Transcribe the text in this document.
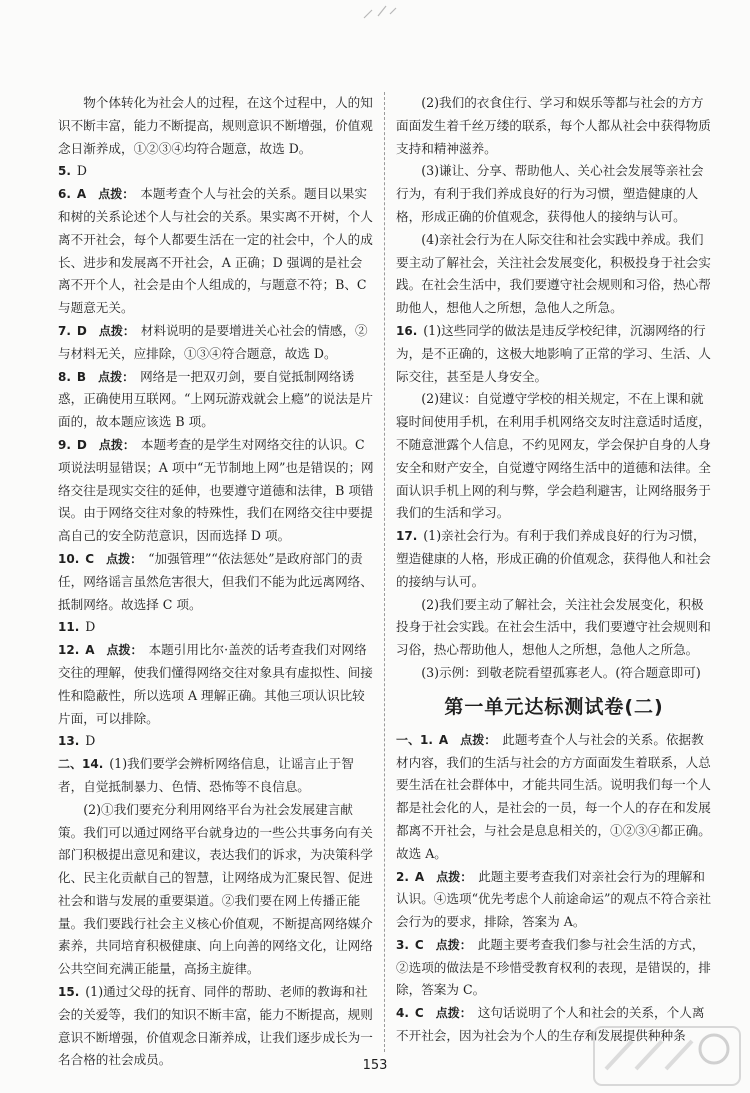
物个体转化为社会人的过程，在这个过程中，人的知识不断丰富，能力不断提高，规则意识不断增强，价值观念日渐养成，①②③④均符合题意，故选 D。

5. D

6. A　点拨： 本题考查个人与社会的关系。题目以果实和树的关系论述个人与社会的关系。果实离不开树，个人离不开社会，每个人都要生活在一定的社会中，个人的成长、进步和发展离不开社会，A 正确；D 强调的是社会离不开个人，社会是由个人组成的，与题意不符；B、C 与题意无关。

7. D　点拨： 材料说明的是要增进关心社会的情感，②与材料无关，应排除，①③④符合题意，故选 D。

8. B　点拨： 网络是一把双刃剑，要自觉抵制网络诱惑，正确使用互联网。“上网玩游戏就会上瘾”的说法是片面的，故本题应该选 B 项。

9. D　点拨： 本题考查的是学生对网络交往的认识。C 项说法明显错误；A 项中“无节制地上网”也是错误的；网络交往是现实交往的延伸，也要遵守道德和法律，B 项错误。由于网络交往对象的特殊性，我们在网络交往中要提高自己的安全防范意识，因而选择 D 项。

10. C　点拨： “加强管理”“依法惩处”是政府部门的责任，网络谣言虽然危害很大，但我们不能为此远离网络、抵制网络。故选择 C 项。

11. D

12. A　点拨： 本题引用比尔·盖茨的话考查我们对网络交往的理解，使我们懂得网络交往对象具有虚拟性、间接性和隐蔽性，所以选项 A 理解正确。其他三项认识比较片面，可以排除。

13. D

二、14. (1)我们要学会辨析网络信息，让谣言止于智者，自觉抵制暴力、色情、恐怖等不良信息。

(2)①我们要充分利用网络平台为社会发展建言献策。我们可以通过网络平台就身边的一些公共事务向有关部门积极提出意见和建议，表达我们的诉求，为决策科学化、民主化贡献自己的智慧，让网络成为汇聚民智、促进社会和谐与发展的重要渠道。②我们要在网上传播正能量。我们要践行社会主义核心价值观，不断提高网络媒介素养，共同培育积极健康、向上向善的网络文化，让网络公共空间充满正能量，高扬主旋律。

15. (1)通过父母的抚育、同伴的帮助、老师的教诲和社会的关爱等，我们的知识不断丰富，能力不断提高，规则意识不断增强，价值观念日渐养成，让我们逐步成长为一名合格的社会成员。

(2)我们的衣食住行、学习和娱乐等都与社会的方方面面发生着千丝万缕的联系，每个人都从社会中获得物质支持和精神滋养。

(3)谦让、分享、帮助他人、关心社会发展等亲社会行为，有利于我们养成良好的行为习惯，塑造健康的人格，形成正确的价值观念，获得他人的接纳与认可。

(4)亲社会行为在人际交往和社会实践中养成。我们要主动了解社会，关注社会发展变化，积极投身于社会实践。在社会生活中，我们要遵守社会规则和习俗，热心帮助他人，想他人之所想，急他人之所急。

16. (1)这些同学的做法是违反学校纪律，沉溺网络的行为，是不正确的，这极大地影响了正常的学习、生活、人际交往，甚至是人身安全。

(2)建议：自觉遵守学校的相关规定，不在上课和就寝时间使用手机，在利用手机网络交友时注意适时适度，不随意泄露个人信息，不约见网友，学会保护自身的人身安全和财产安全，自觉遵守网络生活中的道德和法律。全面认识手机上网的利与弊，学会趋利避害，让网络服务于我们的生活和学习。

17. (1)亲社会行为。有利于我们养成良好的行为习惯，塑造健康的人格，形成正确的价值观念，获得他人和社会的接纳与认可。

(2)我们要主动了解社会，关注社会发展变化，积极投身于社会实践。在社会生活中，我们要遵守社会规则和习俗，热心帮助他人，想他人之所想，急他人之所急。

(3)示例：到敬老院看望孤寡老人。(符合题意即可)

第一单元达标测试卷(二)

一、1. A　点拨： 此题考查个人与社会的关系。依据教材内容，我们的生活与社会的方方面面发生着联系，人总要生活在社会群体中，才能共同生活。说明我们每一个人都是社会化的人，是社会的一员，每一个人的存在和发展都离不开社会，与社会是息息相关的，①②③④都正确。故选 A。

2. A　点拨： 此题主要考查我们对亲社会行为的理解和认识。④选项“优先考虑个人前途命运”的观点不符合亲社会行为的要求，排除，答案为 A。

3. C　点拨： 此题主要考查我们参与社会生活的方式，②选项的做法是不珍惜受教育权利的表现，是错误的，排除，答案为 C。

4. C　点拨： 这句话说明了个人和社会的关系，个人离不开社会，因为社会为个人的生存和发展提供种种条

153
